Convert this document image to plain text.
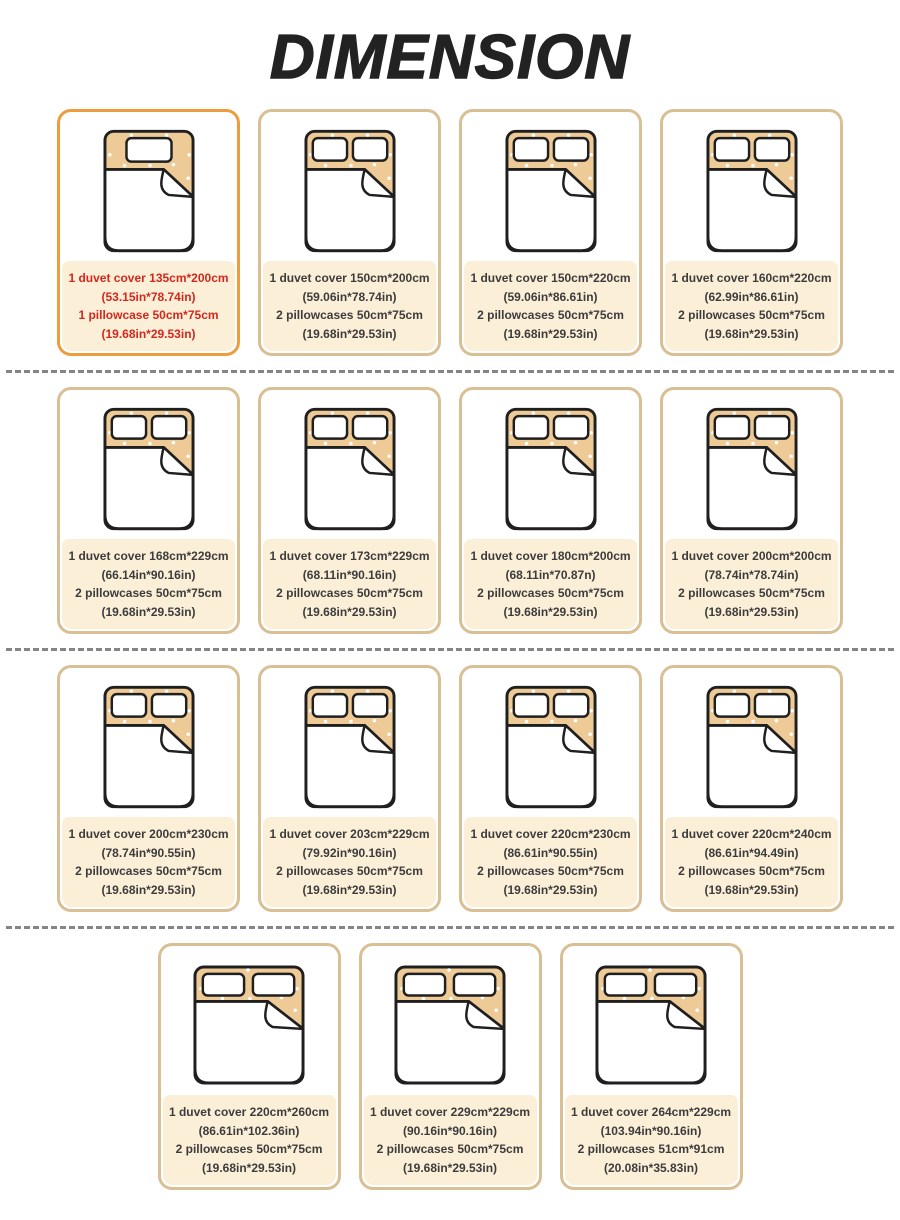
DIMENSION
1 duvet cover 135cm*200cm
(53.15in*78.74in)
1 pillowcase 50cm*75cm
(19.68in*29.53in)
1 duvet cover 150cm*200cm
(59.06in*78.74in)
2 pillowcases 50cm*75cm
(19.68in*29.53in)
1 duvet cover 150cm*220cm
(59.06in*86.61in)
2 pillowcases 50cm*75cm
(19.68in*29.53in)
1 duvet cover 160cm*220cm
(62.99in*86.61in)
2 pillowcases 50cm*75cm
(19.68in*29.53in)
1 duvet cover 168cm*229cm
(66.14in*90.16in)
2 pillowcases 50cm*75cm
(19.68in*29.53in)
1 duvet cover 173cm*229cm
(68.11in*90.16in)
2 pillowcases 50cm*75cm
(19.68in*29.53in)
1 duvet cover 180cm*200cm
(68.11in*70.87n)
2 pillowcases 50cm*75cm
(19.68in*29.53in)
1 duvet cover 200cm*200cm
(78.74in*78.74in)
2 pillowcases 50cm*75cm
(19.68in*29.53in)
1 duvet cover 200cm*230cm
(78.74in*90.55in)
2 pillowcases 50cm*75cm
(19.68in*29.53in)
1 duvet cover 203cm*229cm
(79.92in*90.16in)
2 pillowcases 50cm*75cm
(19.68in*29.53in)
1 duvet cover 220cm*230cm
(86.61in*90.55in)
2 pillowcases 50cm*75cm
(19.68in*29.53in)
1 duvet cover 220cm*240cm
(86.61in*94.49in)
2 pillowcases 50cm*75cm
(19.68in*29.53in)
1 duvet cover 220cm*260cm
(86.61in*102.36in)
2 pillowcases 50cm*75cm
(19.68in*29.53in)
1 duvet cover 229cm*229cm
(90.16in*90.16in)
2 pillowcases 50cm*75cm
(19.68in*29.53in)
1 duvet cover 264cm*229cm
(103.94in*90.16in)
2 pillowcases 51cm*91cm
(20.08in*35.83in)
